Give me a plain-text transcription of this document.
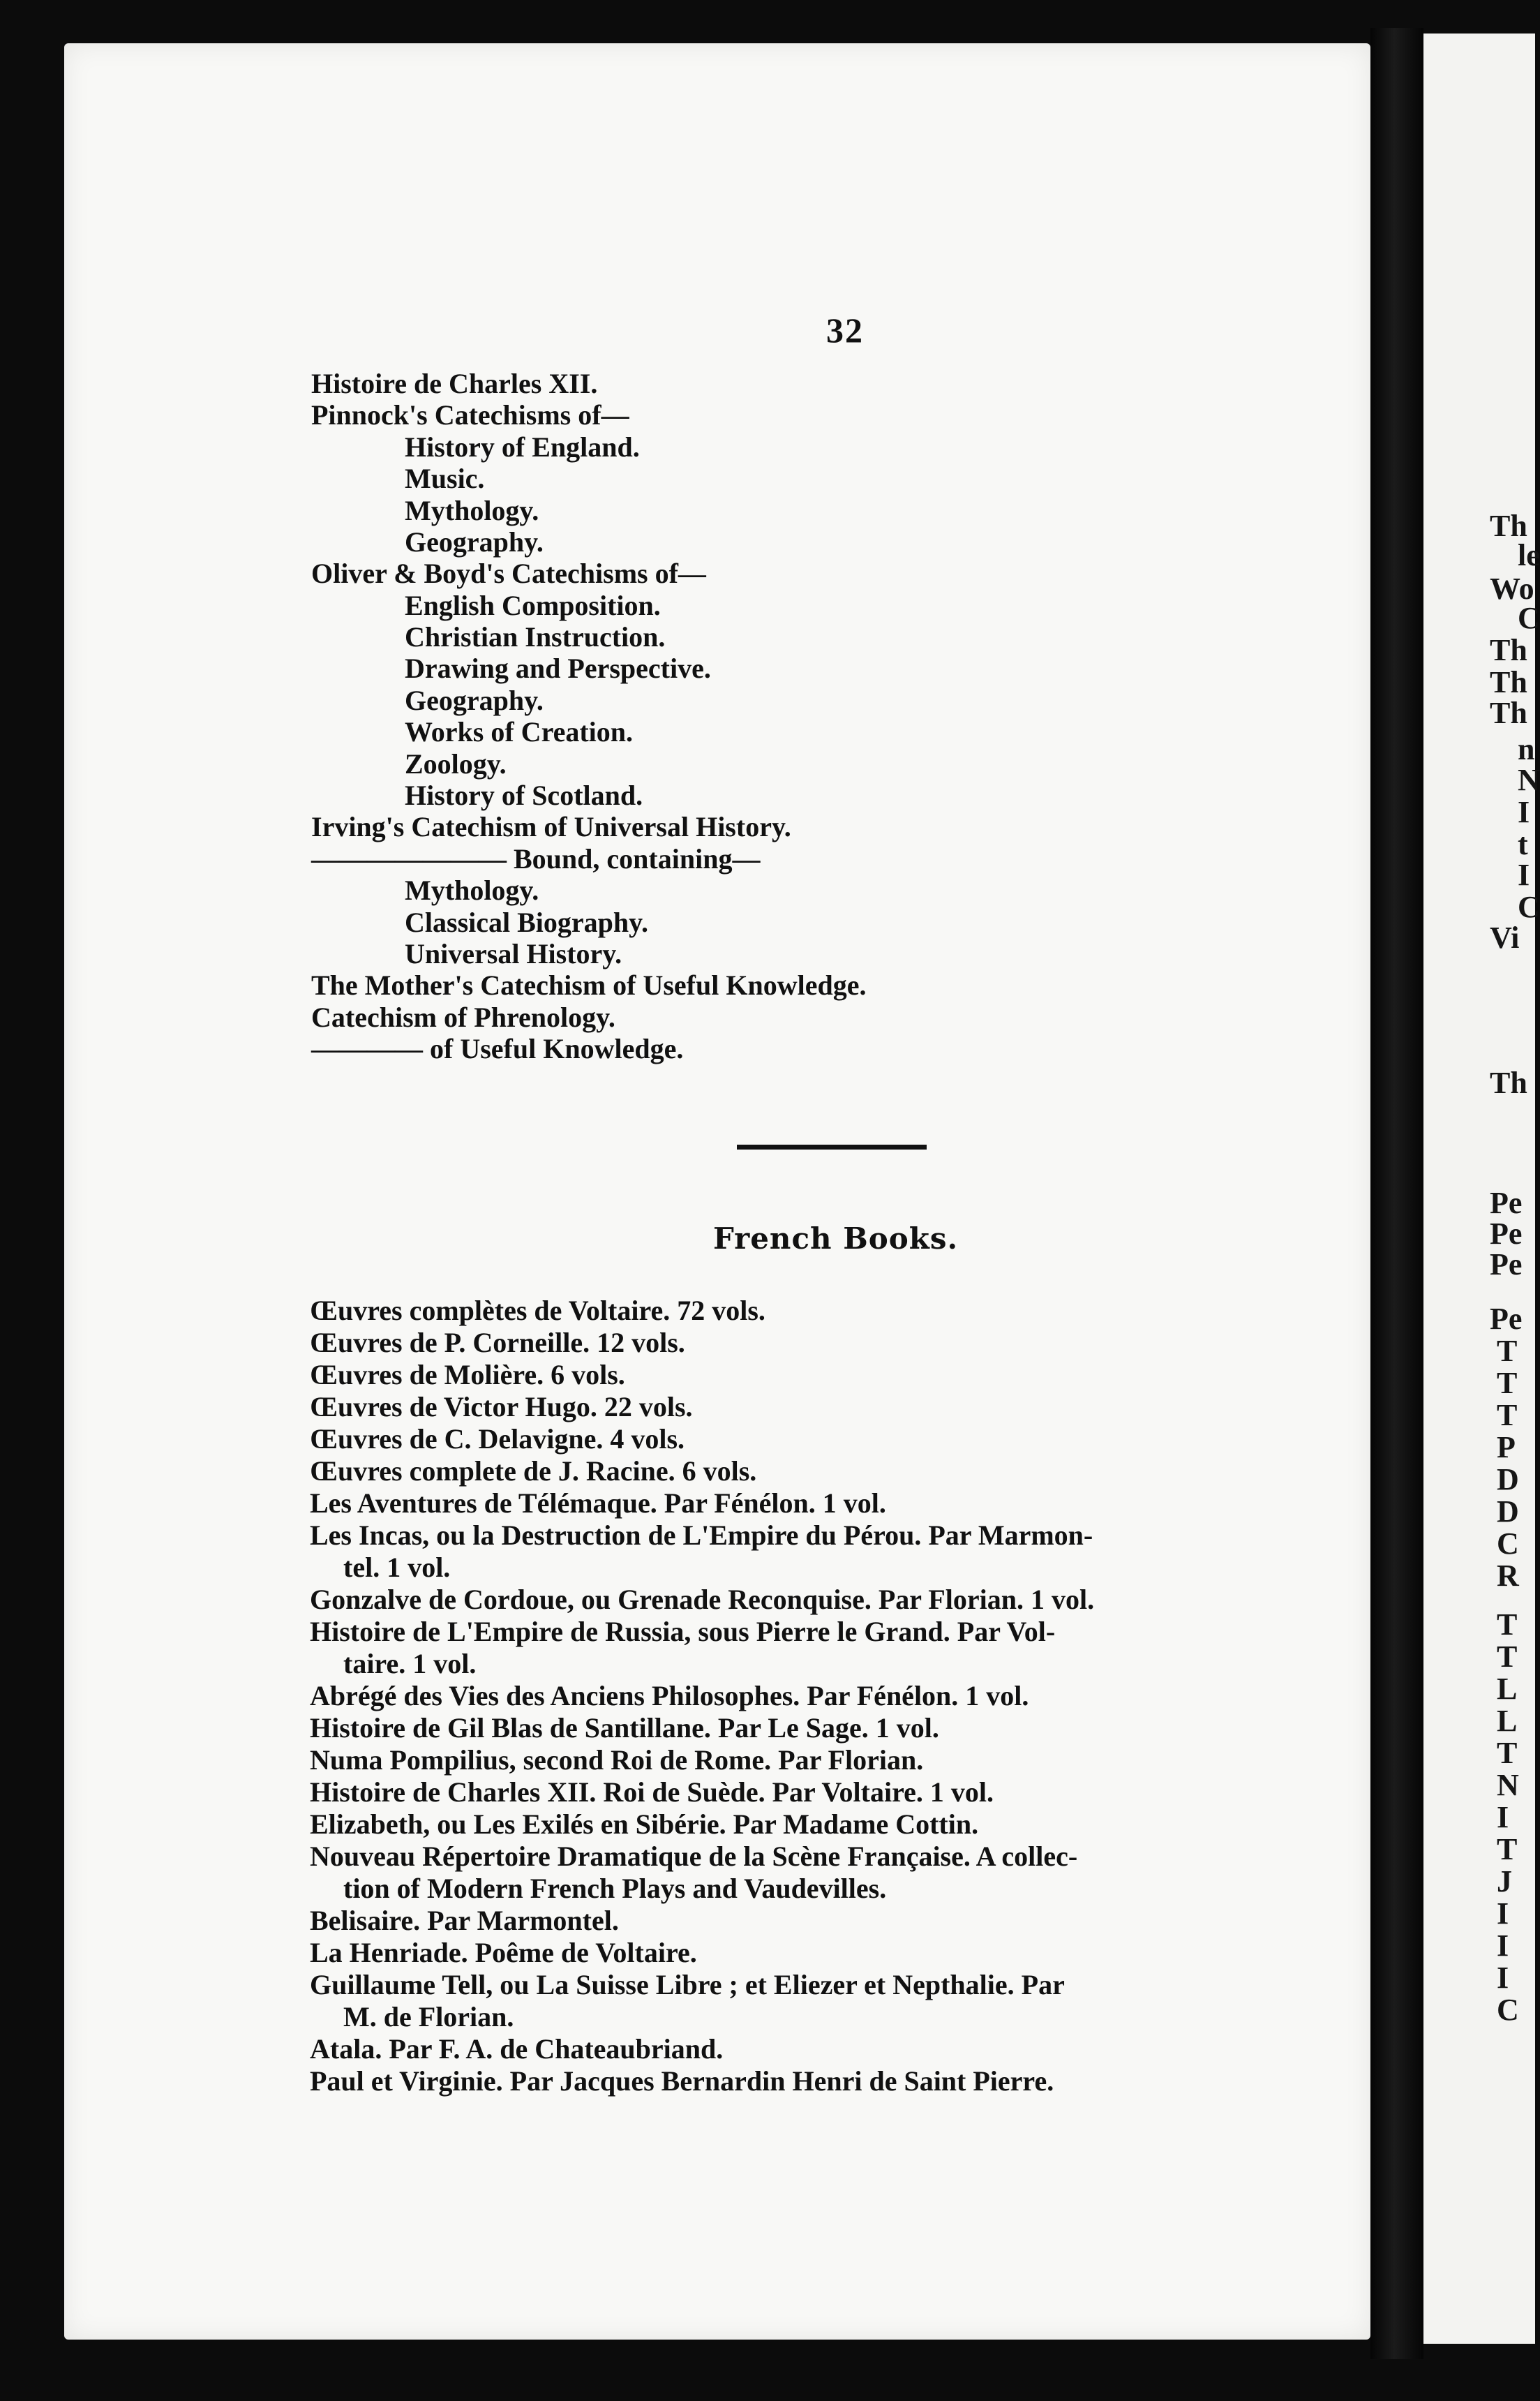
32
Histoire de Charles XII.
Pinnock's Catechisms of—
History of England.
Music.
Mythology.
Geography.
Oliver & Boyd's Catechisms of—
English Composition.
Christian Instruction.
Drawing and Perspective.
Geography.
Works of Creation.
Zoology.
History of Scotland.
Irving's Catechism of Universal History.
——————— Bound, containing—
Mythology.
Classical Biography.
Universal History.
The Mother's Catechism of Useful Knowledge.
Catechism of Phrenology.
———— of Useful Knowledge.
French Books.
Œuvres complètes de Voltaire. 72 vols.
Œuvres de P. Corneille. 12 vols.
Œuvres de Molière. 6 vols.
Œuvres de Victor Hugo. 22 vols.
Œuvres de C. Delavigne. 4 vols.
Œuvres complete de J. Racine. 6 vols.
Les Aventures de Télémaque. Par Fénélon. 1 vol.
Les Incas, ou la Destruction de L'Empire du Pérou. Par Marmon-
tel. 1 vol.
Gonzalve de Cordoue, ou Grenade Reconquise. Par Florian. 1 vol.
Histoire de L'Empire de Russia, sous Pierre le Grand. Par Vol-
taire. 1 vol.
Abrégé des Vies des Anciens Philosophes. Par Fénélon. 1 vol.
Histoire de Gil Blas de Santillane. Par Le Sage. 1 vol.
Numa Pompilius, second Roi de Rome. Par Florian.
Histoire de Charles XII. Roi de Suède. Par Voltaire. 1 vol.
Elizabeth, ou Les Exilés en Sibérie. Par Madame Cottin.
Nouveau Répertoire Dramatique de la Scène Française. A collec-
tion of Modern French Plays and Vaudevilles.
Belisaire. Par Marmontel.
La Henriade. Poême de Voltaire.
Guillaume Tell, ou La Suisse Libre ; et Eliezer et Nepthalie. Par
M. de Florian.
Atala. Par F. A. de Chateaubriand.
Paul et Virginie. Par Jacques Bernardin Henri de Saint Pierre.
Th
le
Wo
C
Th
Th
Th
n
N
I
t
I
C
Vi
Th
Pe
Pe
Pe
Pe
T
T
T
P
D
D
C
R
T
T
L
L
T
N
I
T
J
I
I
I
C
